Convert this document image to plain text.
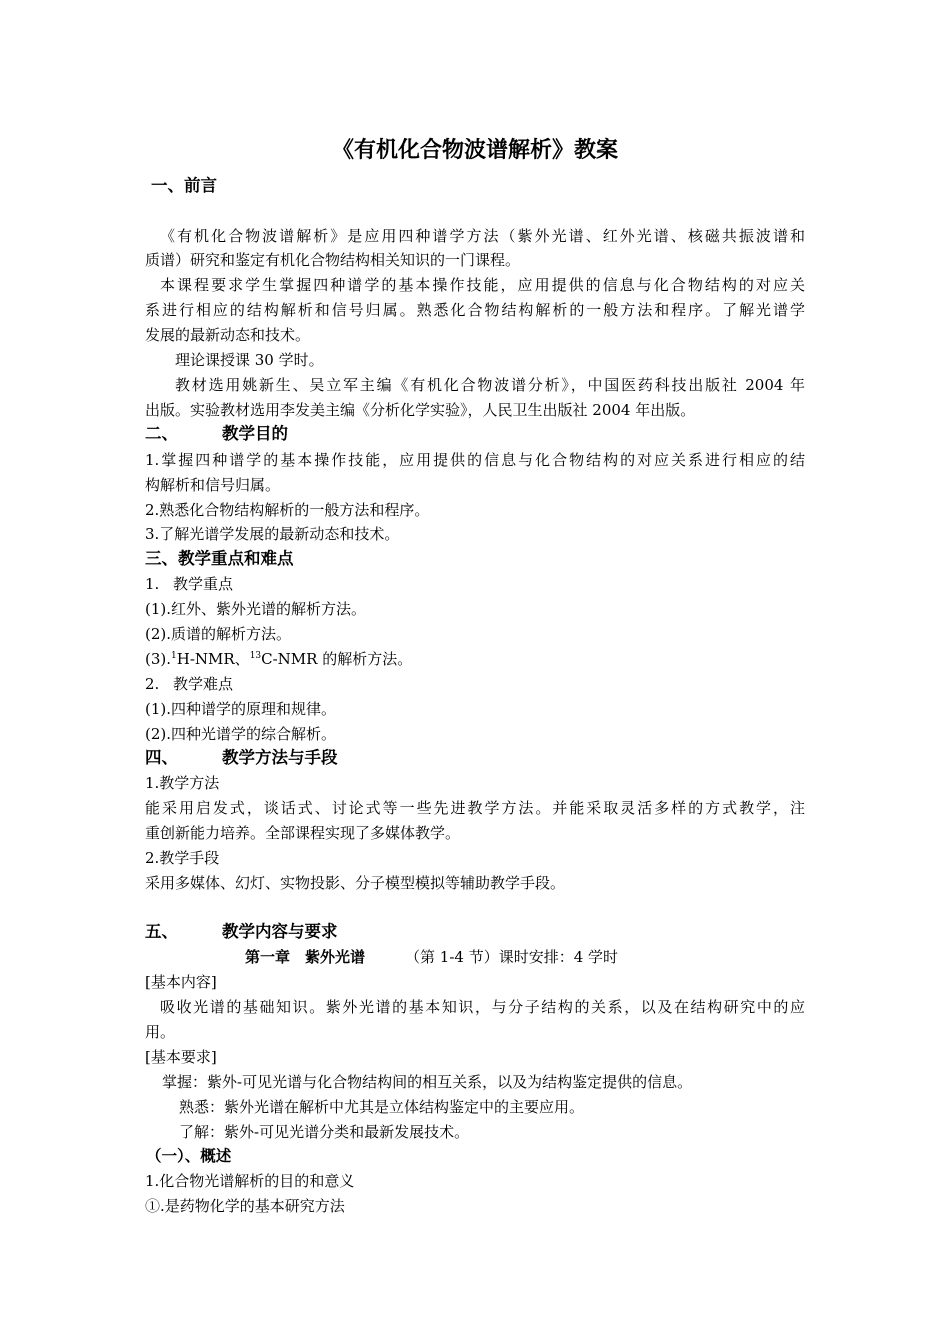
《有机化合物波谱解析》教案
一、前言
《有机化合物波谱解析》是应用四种谱学方法（紫外光谱、红外光谱、核磁共振波谱和
质谱）研究和鉴定有机化合物结构相关知识的一门课程。
本课程要求学生掌握四种谱学的基本操作技能，应用提供的信息与化合物结构的对应关
系进行相应的结构解析和信号归属。熟悉化合物结构解析的一般方法和程序。了解光谱学
发展的最新动态和技术。
理论课授课 30 学时。
教材选用姚新生、吴立军主编《有机化合物波谱分析》，中国医药科技出版社 2004 年
出版。实验教材选用李发美主编《分析化学实验》，人民卫生出版社 2004 年出版。
二、	教学目的
1.掌握四种谱学的基本操作技能，应用提供的信息与化合物结构的对应关系进行相应的结
构解析和信号归属。
2.熟悉化合物结构解析的一般方法和程序。
3.了解光谱学发展的最新动态和技术。
三、教学重点和难点
1. 教学重点
(1).红外、紫外光谱的解析方法。
(2).质谱的解析方法。
(3).$^1$H-NMR、$^{13}$C-NMR 的解析方法。
2. 教学难点
(1).四种谱学的原理和规律。
(2).四种光谱学的综合解析。
四、	教学方法与手段
1.教学方法
能采用启发式，谈话式、讨论式等一些先进教学方法。并能采取灵活多样的方式教学，注
重创新能力培养。全部课程实现了多媒体教学。
2.教学手段
采用多媒体、幻灯、实物投影、分子模型模拟等辅助教学手段。
五、	教学内容与要求
第一章　紫外光谱	（第 1-4 节）课时安排：4 学时
[基本内容]
吸收光谱的基础知识。紫外光谱的基本知识，与分子结构的关系，以及在结构研究中的应
用。
[基本要求]
掌握：紫外-可见光谱与化合物结构间的相互关系，以及为结构鉴定提供的信息。
熟悉：紫外光谱在解析中尤其是立体结构鉴定中的主要应用。
了解：紫外-可见光谱分类和最新发展技术。
（一）、概述
1.化合物光谱解析的目的和意义
①.是药物化学的基本研究方法
